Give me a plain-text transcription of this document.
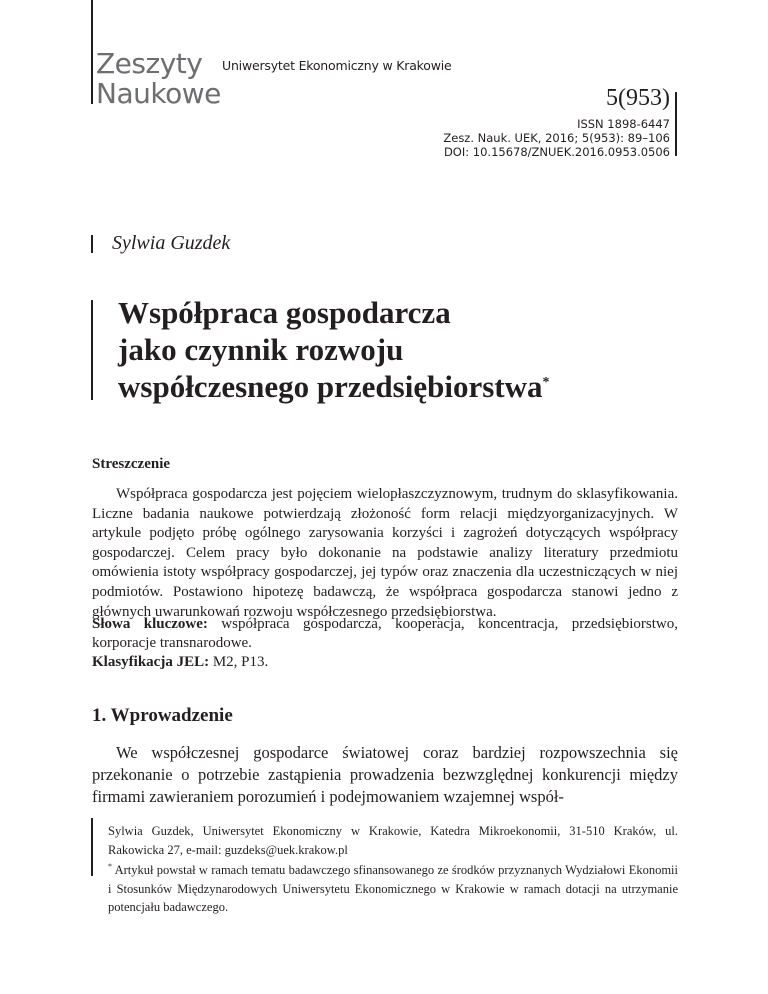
Zeszyty
Naukowe
Uniwersytet Ekonomiczny w Krakowie
5(953)
ISSN 1898-6447
Zesz. Nauk. UEK, 2016; 5(953): 89–106
DOI: 10.15678/ZNUEK.2016.0953.0506
Sylwia Guzdek
Współpraca gospodarcza
jako czynnik rozwoju
współczesnego przedsiębiorstwa*
Streszczenie
Współpraca gospodarcza jest pojęciem wielopłaszczyznowym, trudnym do sklasyfikowania. Liczne badania naukowe potwierdzają złożoność form relacji międzyorganizacyjnych. W artykule podjęto próbę ogólnego zarysowania korzyści i zagrożeń dotyczących współpracy gospodarczej. Celem pracy było dokonanie na podstawie analizy literatury przedmiotu omówienia istoty współpracy gospodarczej, jej typów oraz znaczenia dla uczestniczących w niej podmiotów. Postawiono hipotezę badawczą, że współpraca gospodarcza stanowi jedno z głównych uwarunkowań rozwoju współczesnego przedsiębiorstwa.
Słowa kluczowe: współpraca gospodarcza, kooperacja, koncentracja, przedsiębiorstwo, korporacje transnarodowe.
Klasyfikacja JEL: M2, P13.
1. Wprowadzenie
We współczesnej gospodarce światowej coraz bardziej rozpowszechnia się przekonanie o potrzebie zastąpienia prowadzenia bezwzględnej konkurencji między firmami zawieraniem porozumień i podejmowaniem wzajemnej współ-
Sylwia Guzdek, Uniwersytet Ekonomiczny w Krakowie, Katedra Mikroekonomii, 31-510 Kraków, ul. Rakowicka 27, e-mail: guzdeks@uek.krakow.pl
* Artykuł powstał w ramach tematu badawczego sfinansowanego ze środków przyznanych Wydziałowi Ekonomii i Stosunków Międzynarodowych Uniwersytetu Ekonomicznego w Krakowie w ramach dotacji na utrzymanie potencjału badawczego.
